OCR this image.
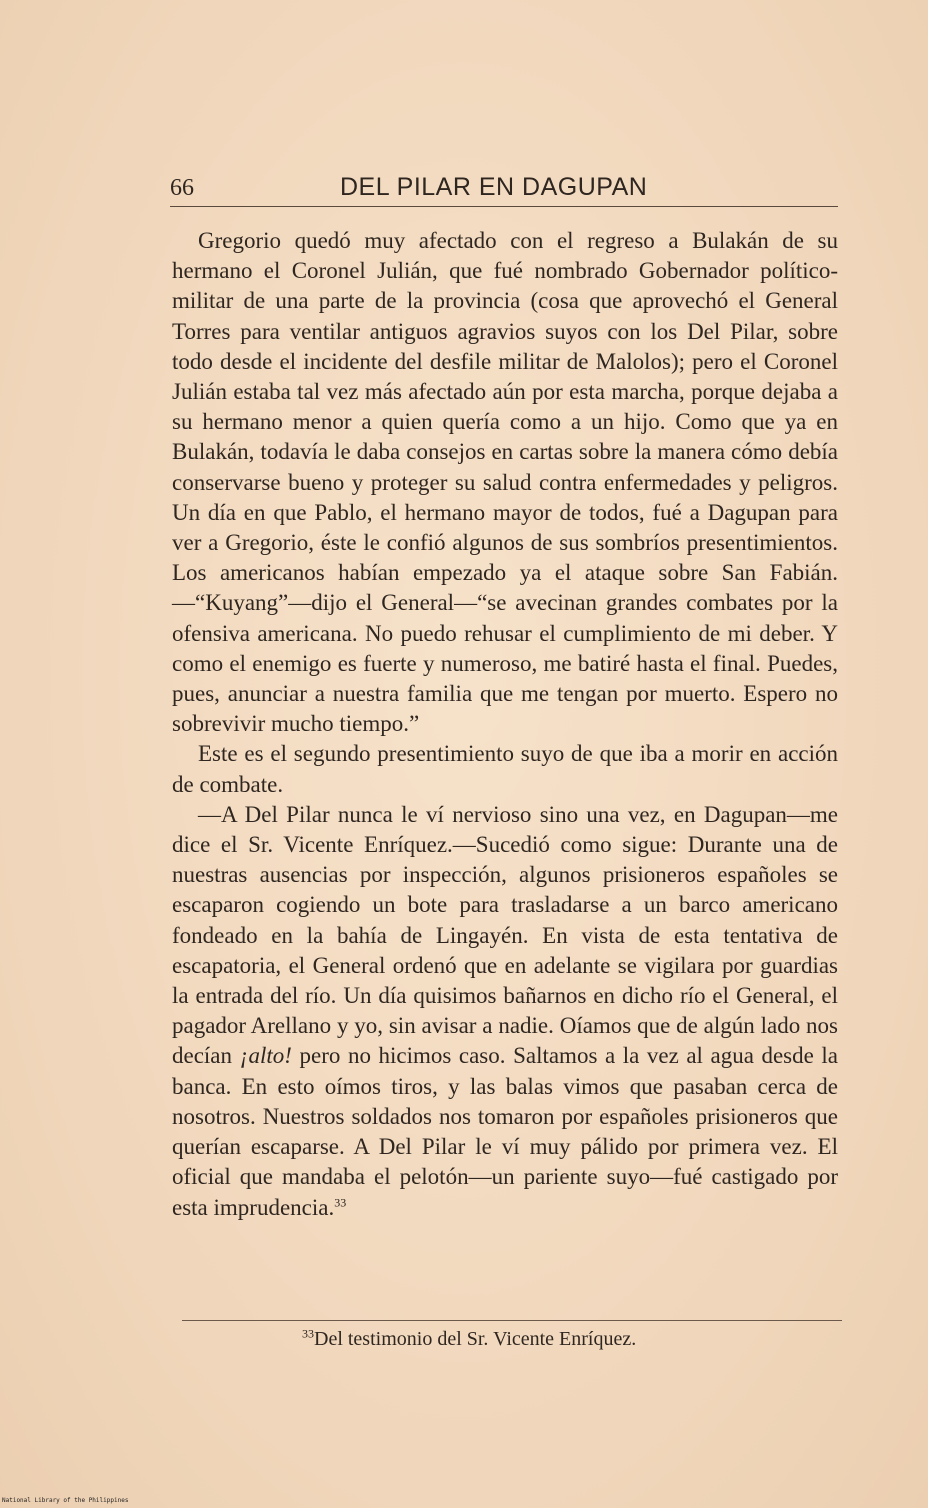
66	DEL PILAR EN DAGUPAN

Gregorio quedó muy afectado con el regreso a Bulakán de su hermano el Coronel Julián, que fué nombrado Gobernador político-militar de una parte de la provincia (cosa que aprovechó el General Torres para ventilar antiguos agravios suyos con los Del Pilar, sobre todo desde el incidente del desfile militar de Malolos); pero el Coronel Julián estaba tal vez más afectado aún por esta marcha, porque dejaba a su hermano menor a quien quería como a un hijo. Como que ya en Bulakán, todavía le daba consejos en cartas sobre la manera cómo debía conservarse bueno y proteger su salud contra enfermedades y peligros. Un día en que Pablo, el hermano mayor de todos, fué a Dagupan para ver a Gregorio, éste le confió algunos de sus sombríos presentimientos. Los americanos habían empezado ya el ataque sobre San Fabián.—“Kuyang”—dijo el General—“se avecinan grandes combates por la ofensiva americana. No puedo rehusar el cumplimiento de mi deber. Y como el enemigo es fuerte y numeroso, me batiré hasta el final. Puedes, pues, anunciar a nuestra familia que me tengan por muerto. Espero no sobrevivir mucho tiempo.”

Este es el segundo presentimiento suyo de que iba a morir en acción de combate.

—A Del Pilar nunca le ví nervioso sino una vez, en Dagupan—me dice el Sr. Vicente Enríquez.—Sucedió como sigue: Durante una de nuestras ausencias por inspección, algunos prisioneros españoles se escaparon cogiendo un bote para trasladarse a un barco americano fondeado en la bahía de Lingayén. En vista de esta tentativa de escapatoria, el General ordenó que en adelante se vigilara por guardias la entrada del río. Un día quisimos bañarnos en dicho río el General, el pagador Arellano y yo, sin avisar a nadie. Oíamos que de algún lado nos decían ¡alto! pero no hicimos caso. Saltamos a la vez al agua desde la banca. En esto oímos tiros, y las balas vimos que pasaban cerca de nosotros. Nuestros soldados nos tomaron por españoles prisioneros que querían escaparse. A Del Pilar le ví muy pálido por primera vez. El oficial que mandaba el pelotón—un pariente suyo—fué castigado por esta imprudencia.$^{33}$

$^{33}$Del testimonio del Sr. Vicente Enríquez.
National Library of the Philippines
